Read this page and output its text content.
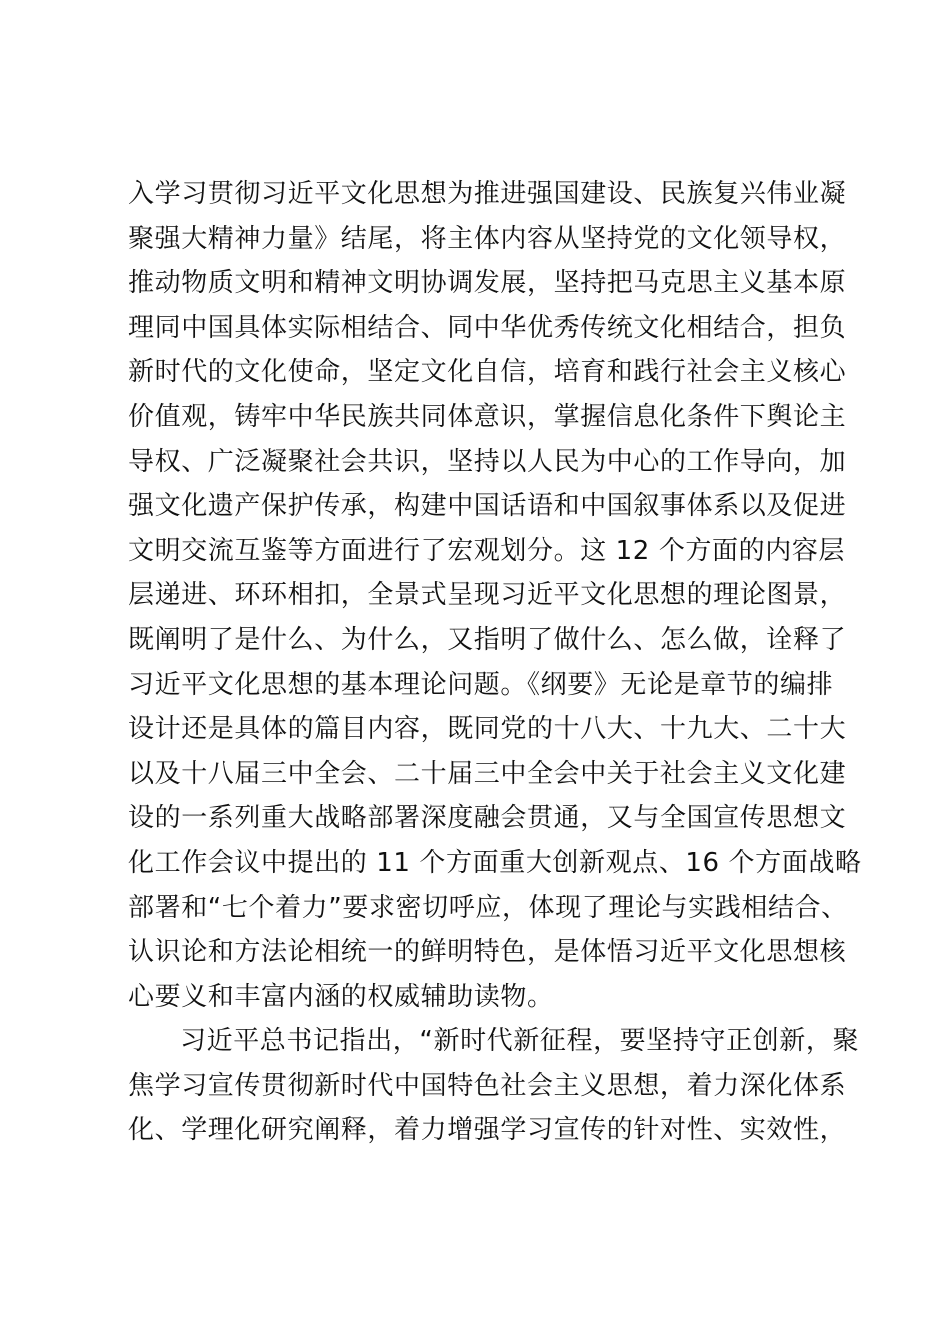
入学习贯彻习近平文化思想为推进强国建设、民族复兴伟业凝
聚强大精神力量》结尾，将主体内容从坚持党的文化领导权，
推动物质文明和精神文明协调发展，坚持把马克思主义基本原
理同中国具体实际相结合、同中华优秀传统文化相结合，担负
新时代的文化使命，坚定文化自信，培育和践行社会主义核心
价值观，铸牢中华民族共同体意识，掌握信息化条件下舆论主
导权、广泛凝聚社会共识，坚持以人民为中心的工作导向，加
强文化遗产保护传承，构建中国话语和中国叙事体系以及促进
文明交流互鉴等方面进行了宏观划分。这 12 个方面的内容层
层递进、环环相扣，全景式呈现习近平文化思想的理论图景，
既阐明了是什么、为什么，又指明了做什么、怎么做，诠释了
习近平文化思想的基本理论问题。《纲要》无论是章节的编排
设计还是具体的篇目内容，既同党的十八大、十九大、二十大
以及十八届三中全会、二十届三中全会中关于社会主义文化建
设的一系列重大战略部署深度融会贯通，又与全国宣传思想文
化工作会议中提出的 11 个方面重大创新观点、16 个方面战略
部署和“七个着力”要求密切呼应，体现了理论与实践相结合、
认识论和方法论相统一的鲜明特色，是体悟习近平文化思想核
心要义和丰富内涵的权威辅助读物。
习近平总书记指出，“新时代新征程，要坚持守正创新，聚
焦学习宣传贯彻新时代中国特色社会主义思想，着力深化体系
化、学理化研究阐释，着力增强学习宣传的针对性、实效性，
